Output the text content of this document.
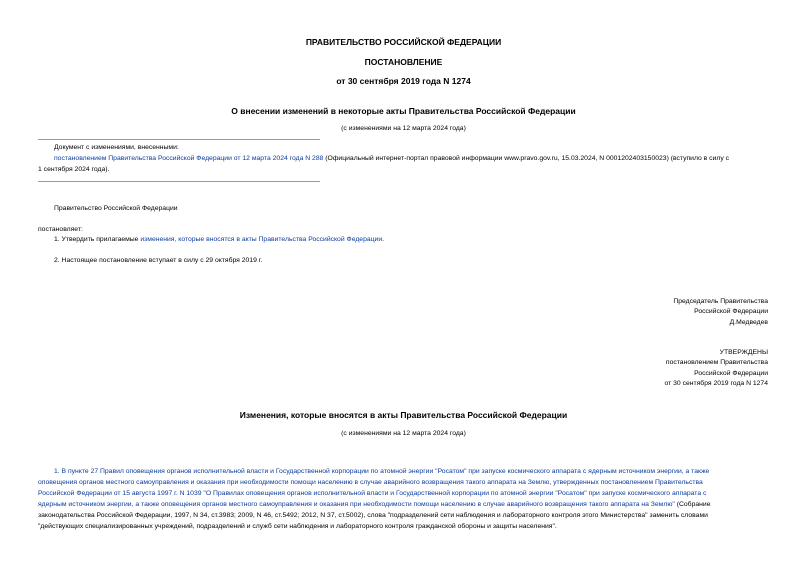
ПРАВИТЕЛЬСТВО РОССИЙСКОЙ ФЕДЕРАЦИИ
ПОСТАНОВЛЕНИЕ
от 30 сентября 2019 года N 1274
О внесении изменений в некоторые акты Правительства Российской Федерации
(с изменениями на 12 марта 2024 года)
Документ с изменениями, внесенными:
постановлением Правительства Российской Федерации от 12 марта 2024 года N 288 (Официальный интернет-портал правовой информации www.pravo.gov.ru, 15.03.2024, N 0001202403150023) (вступило в силу с
1 сентября 2024 года).
Правительство Российской Федерации
постановляет:
1. Утвердить прилагаемые изменения, которые вносятся в акты Правительства Российской Федерации.
2. Настоящее постановление вступает в силу с 29 октября 2019 г.
Председатель Правительства
Российской Федерации
Д.Медведев
УТВЕРЖДЕНЫ
постановлением Правительства
Российской Федерации
от 30 сентября 2019 года N 1274
Изменения, которые вносятся в акты Правительства Российской Федерации
(с изменениями на 12 марта 2024 года)
1. В пункте 27 Правил оповещения органов исполнительной власти и Государственной корпорации по атомной энергии "Росатом" при запуске космического аппарата с ядерным источником энергии, а также
оповещения органов местного самоуправления и оказания при необходимости помощи населению в случае аварийного возвращения такого аппарата на Землю, утвержденных постановлением Правительства
Российской Федерации от 15 августа 1997 г. N 1039 "О Правилах оповещения органов исполнительной власти и Государственной корпорации по атомной энергии "Росатом" при запуске космического аппарата с
ядерным источником энергии, а также оповещения органов местного самоуправления и оказания при необходимости помощи населению в случае аварийного возвращения такого аппарата на Землю" (Собрание
законодательства Российской Федерации, 1997, N 34, ст.3983; 2009, N 46, ст.5492; 2012, N 37, ст.5002), слова "подразделений сети наблюдения и лабораторного контроля этого Министерства" заменить словами
"действующих специализированных учреждений, подразделений и служб сети наблюдения и лабораторного контроля гражданской обороны и защиты населения".
